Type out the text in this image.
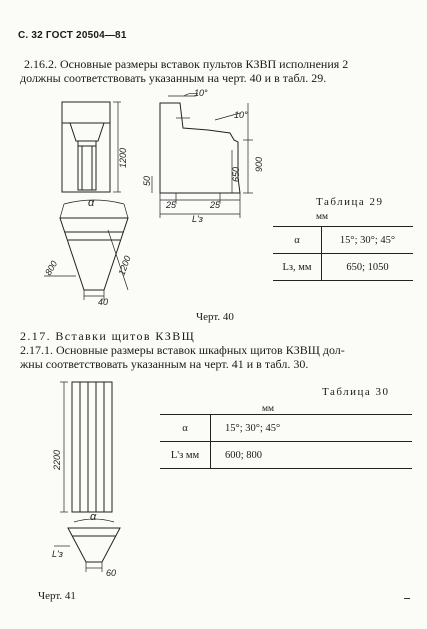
С. 32 ГОСТ 20504—81
2.16.2. Основные размеры вставок пультов КЗВП исполнения 2
должны соответствовать указанным на черт. 40 и в табл. 29.
1200
10°
10°
900
650
50
25	25
L'з
α
1200
800
40
Таблица 29
мм
α	15°; 30°; 45°
Lз, мм	650; 1050
Черт. 40
2.17. Вставки щитов КЗВЩ
2.17.1. Основные размеры вставок шкафных щитов КЗВЩ дол-
жны соответствовать указанным на черт. 41 и в табл. 30.
2200
α
L'з
60
Черт. 41
Таблица 30
мм
α	15°; 30°; 45°
L'з мм	600; 800
